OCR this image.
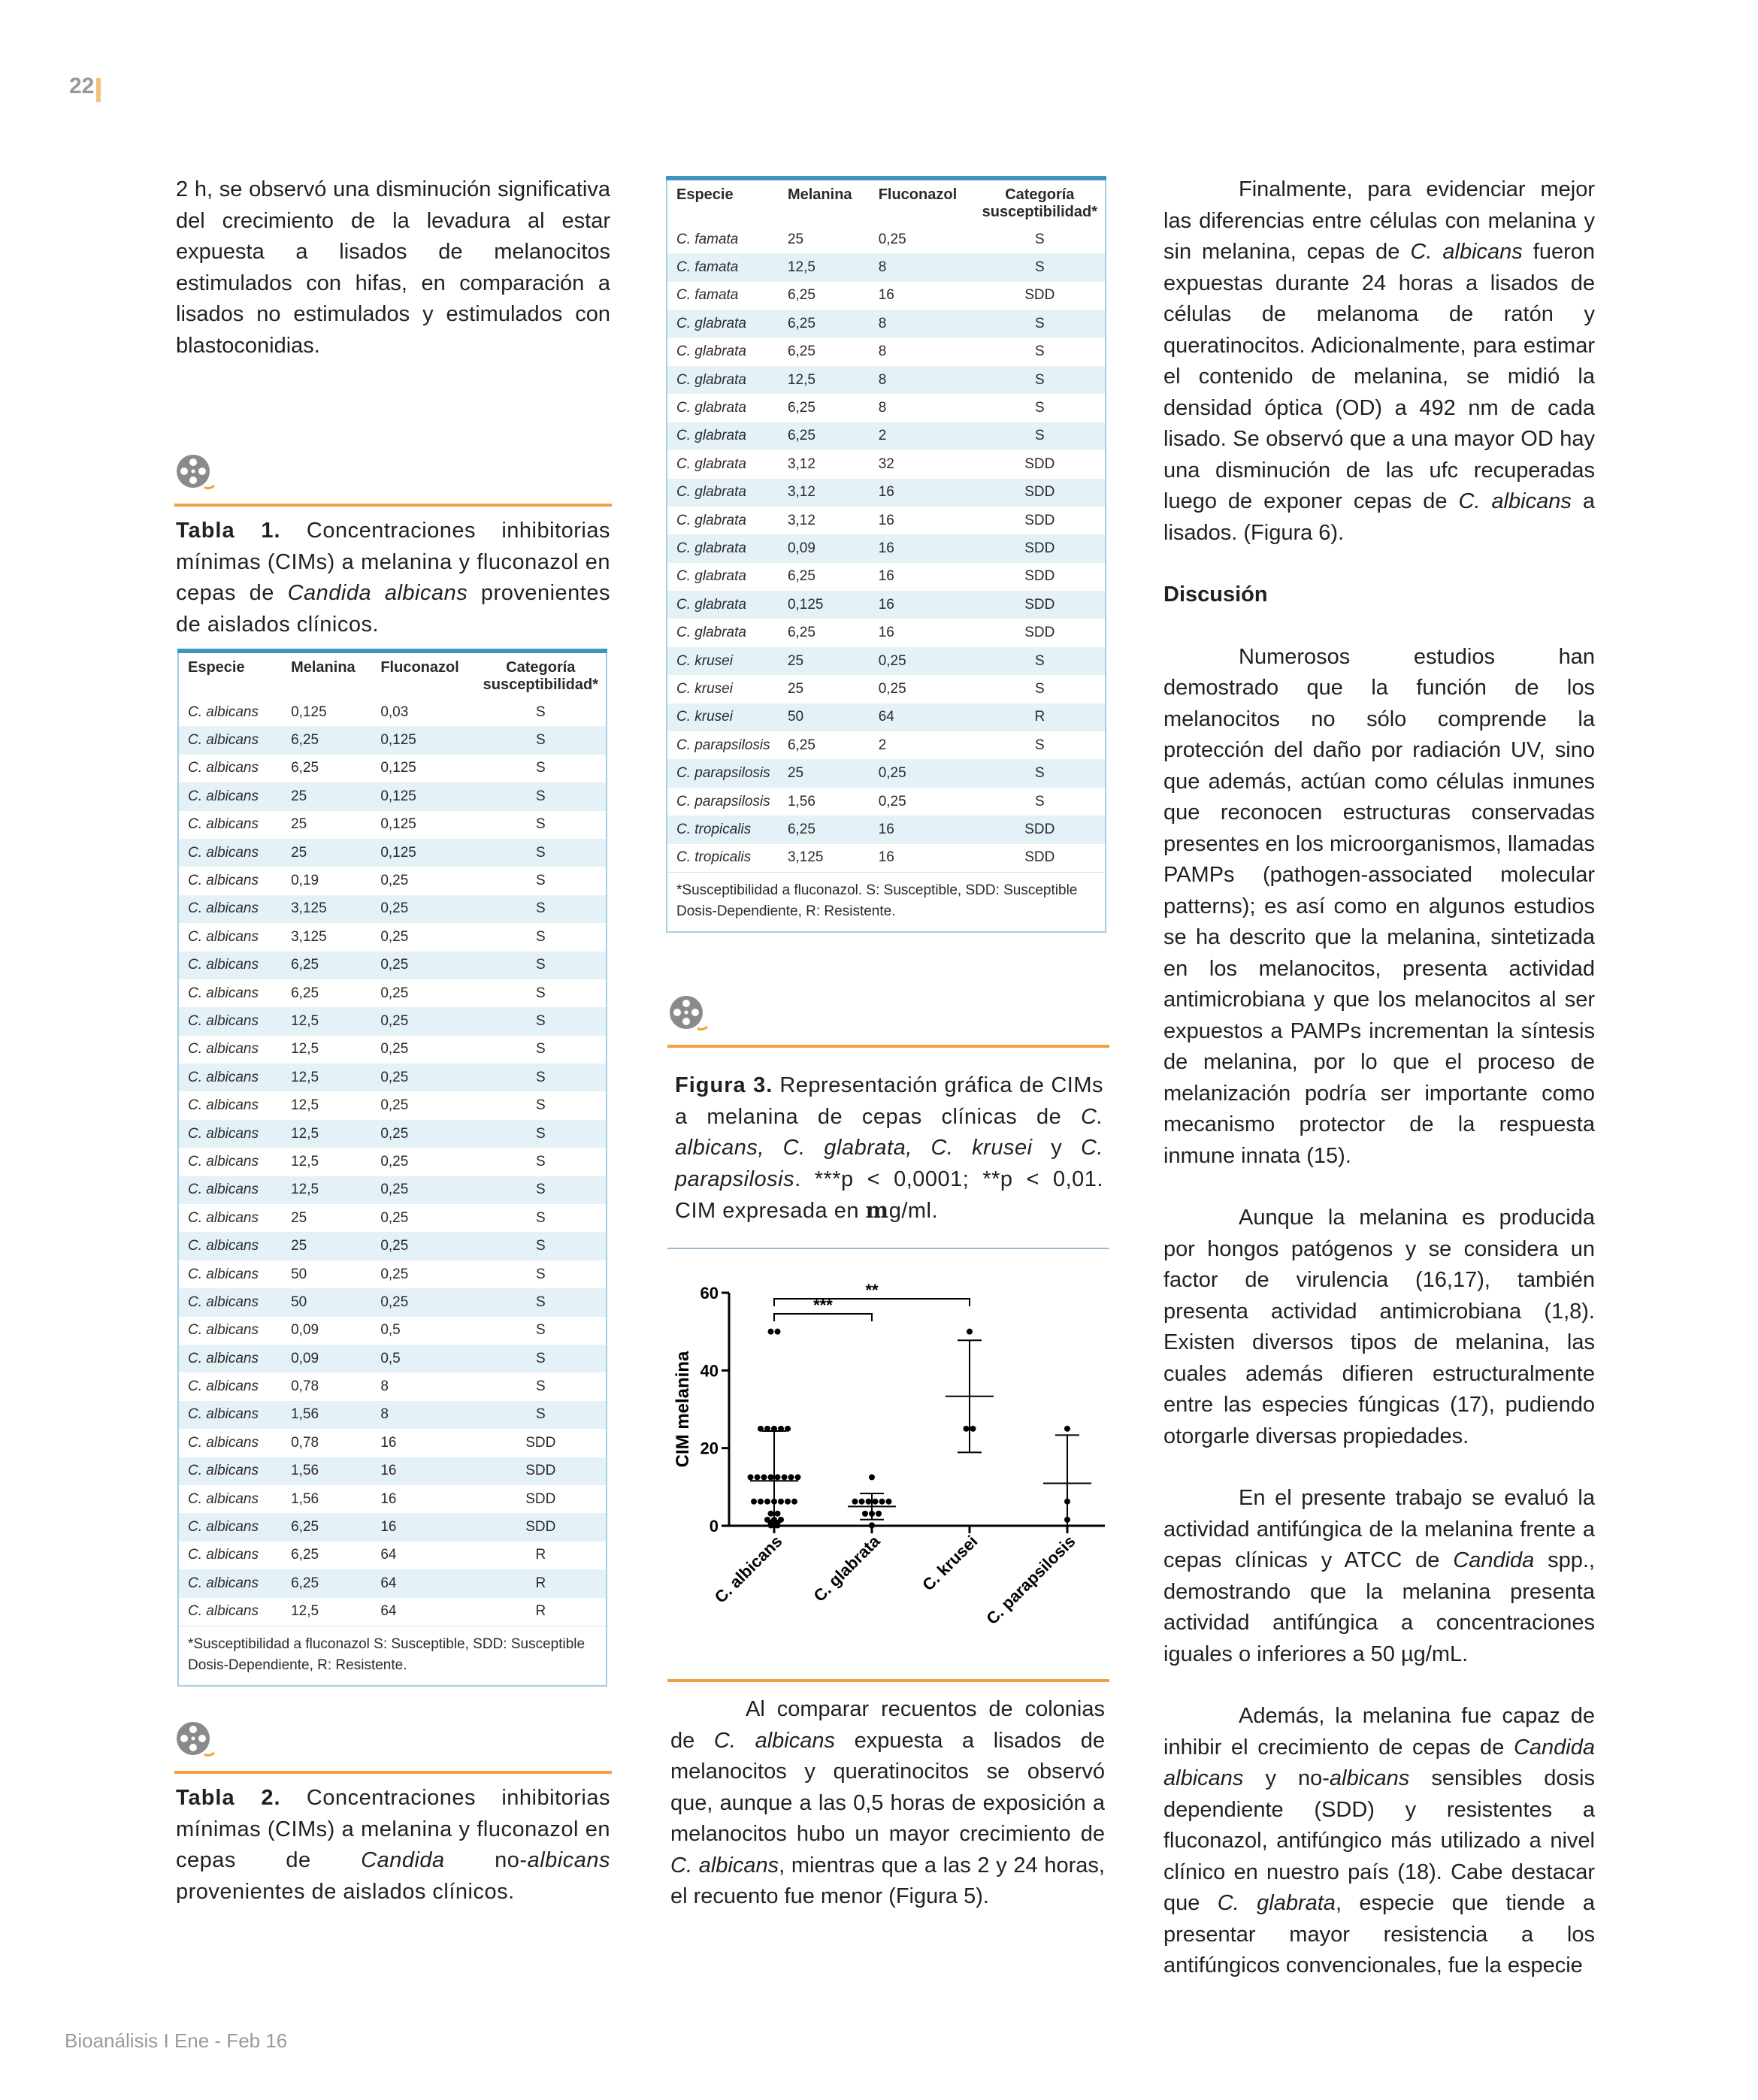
22
Bioanálisis I Ene - Feb 16

2 h, se observó una disminución significativa del crecimiento de la levadura al estar expuesta a lisados de melanocitos estimulados con hifas, en comparación a lisados no estimulados y estimulados con blastoconidias.

Tabla 1. Concentraciones inhibitorias mínimas (CIMs) a melanina y fluconazol en cepas de Candida albicans provenientes de aislados clínicos.
Especie	Melanina	Fluconazol	Categoría susceptibilidad*
C. albicans	0,125	0,03	S
C. albicans	6,25	0,125	S
C. albicans	6,25	0,125	S
C. albicans	25	0,125	S
C. albicans	25	0,125	S
C. albicans	25	0,125	S
C. albicans	0,19	0,25	S
C. albicans	3,125	0,25	S
C. albicans	3,125	0,25	S
C. albicans	6,25	0,25	S
C. albicans	6,25	0,25	S
C. albicans	12,5	0,25	S
C. albicans	12,5	0,25	S
C. albicans	12,5	0,25	S
C. albicans	12,5	0,25	S
C. albicans	12,5	0,25	S
C. albicans	12,5	0,25	S
C. albicans	12,5	0,25	S
C. albicans	25	0,25	S
C. albicans	25	0,25	S
C. albicans	50	0,25	S
C. albicans	50	0,25	S
C. albicans	0,09	0,5	S
C. albicans	0,09	0,5	S
C. albicans	0,78	8	S
C. albicans	1,56	8	S
C. albicans	0,78	16	SDD
C. albicans	1,56	16	SDD
C. albicans	1,56	16	SDD
C. albicans	6,25	16	SDD
C. albicans	6,25	64	R
C. albicans	6,25	64	R
C. albicans	12,5	64	R
*Susceptibilidad a fluconazol S: Susceptible, SDD: Susceptible Dosis-Dependiente, R: Resistente.			
Tabla 2. Concentraciones inhibitorias mínimas (CIMs) a melanina y fluconazol en cepas de Candida no-albicans provenientes de aislados clínicos.
Especie	Melanina	Fluconazol	Categoría susceptibilidad*
C. famata	25	0,25	S
C. famata	12,5	8	S
C. famata	6,25	16	SDD
C. glabrata	6,25	8	S
C. glabrata	6,25	8	S
C. glabrata	12,5	8	S
C. glabrata	6,25	8	S
C. glabrata	6,25	2	S
C. glabrata	3,12	32	SDD
C. glabrata	3,12	16	SDD
C. glabrata	3,12	16	SDD
C. glabrata	0,09	16	SDD
C. glabrata	6,25	16	SDD
C. glabrata	0,125	16	SDD
C. glabrata	6,25	16	SDD
C. krusei	25	0,25	S
C. krusei	25	0,25	S
C. krusei	50	64	R
C. parapsilosis	6,25	2	S
C. parapsilosis	25	0,25	S
C. parapsilosis	1,56	0,25	S
C. tropicalis	6,25	16	SDD
C. tropicalis	3,125	16	SDD
*Susceptibilidad a fluconazol. S: Susceptible, SDD: Susceptible Dosis-Dependiente, R: Resistente.			
Figura 3. Representación gráfica de CIMs a melanina de cepas clínicas de C. albicans, C. glabrata, C. krusei y C. parapsilosis. ***p < 0,0001; **p < 0,01. CIM expresada en mg/ml.
0
20
40
60
CIM melanina
C. albicans C. glabrata C. krusei C. parapsilosis
***
**

Al comparar recuentos de colonias de C. albicans expuesta a lisados de melanocitos y queratinocitos se observó que, aunque a las 0,5 horas de exposición a melanocitos hubo un mayor crecimiento de C. albicans, mientras que a las 2 y 24 horas, el recuento fue menor (Figura 5).

Finalmente, para evidenciar mejor las diferencias entre células con melanina y sin melanina, cepas de C. albicans fueron expuestas durante 24 horas a lisados de células de melanoma de ratón y queratinocitos. Adicionalmente, para estimar el contenido de melanina, se midió la densidad óptica (OD) a 492 nm de cada lisado. Se observó que a una mayor OD hay una disminución de las ufc recuperadas luego de exponer cepas de C. albicans a lisados. (Figura 6).

Discusión

Numerosos estudios han demostrado que la función de los melanocitos no sólo comprende la protección del daño por radiación UV, sino que además, actúan como células inmunes que reconocen estructuras conservadas presentes en los microorganismos, llamadas PAMPs (pathogen-associated molecular patterns); es así como en algunos estudios se ha descrito que la melanina, sintetizada en los melanocitos, presenta actividad antimicrobiana y que los melanocitos al ser expuestos a PAMPs incrementan la síntesis de melanina, por lo que el proceso de melanización podría ser importante como mecanismo protector de la respuesta inmune innata (15).

Aunque la melanina es producida por hongos patógenos y se considera un factor de virulencia (16,17), también presenta actividad antimicrobiana (1,8). Existen diversos tipos de melanina, las cuales además difieren estructuralmente entre las especies fúngicas (17), pudiendo otorgarle diversas propiedades.

En el presente trabajo se evaluó la actividad antifúngica de la melanina frente a cepas clínicas y ATCC de Candida spp., demostrando que la melanina presenta actividad antifúngica a concentraciones iguales o inferiores a 50 µg/mL.

Además, la melanina fue capaz de inhibir el crecimiento de cepas de Candida albicans y no-albicans sensibles dosis dependiente (SDD) y resistentes a fluconazol, antifúngico más utilizado a nivel clínico en nuestro país (18). Cabe destacar que C. glabrata, especie que tiende a presentar mayor resistencia a los antifúngicos convencionales, fue la especie
